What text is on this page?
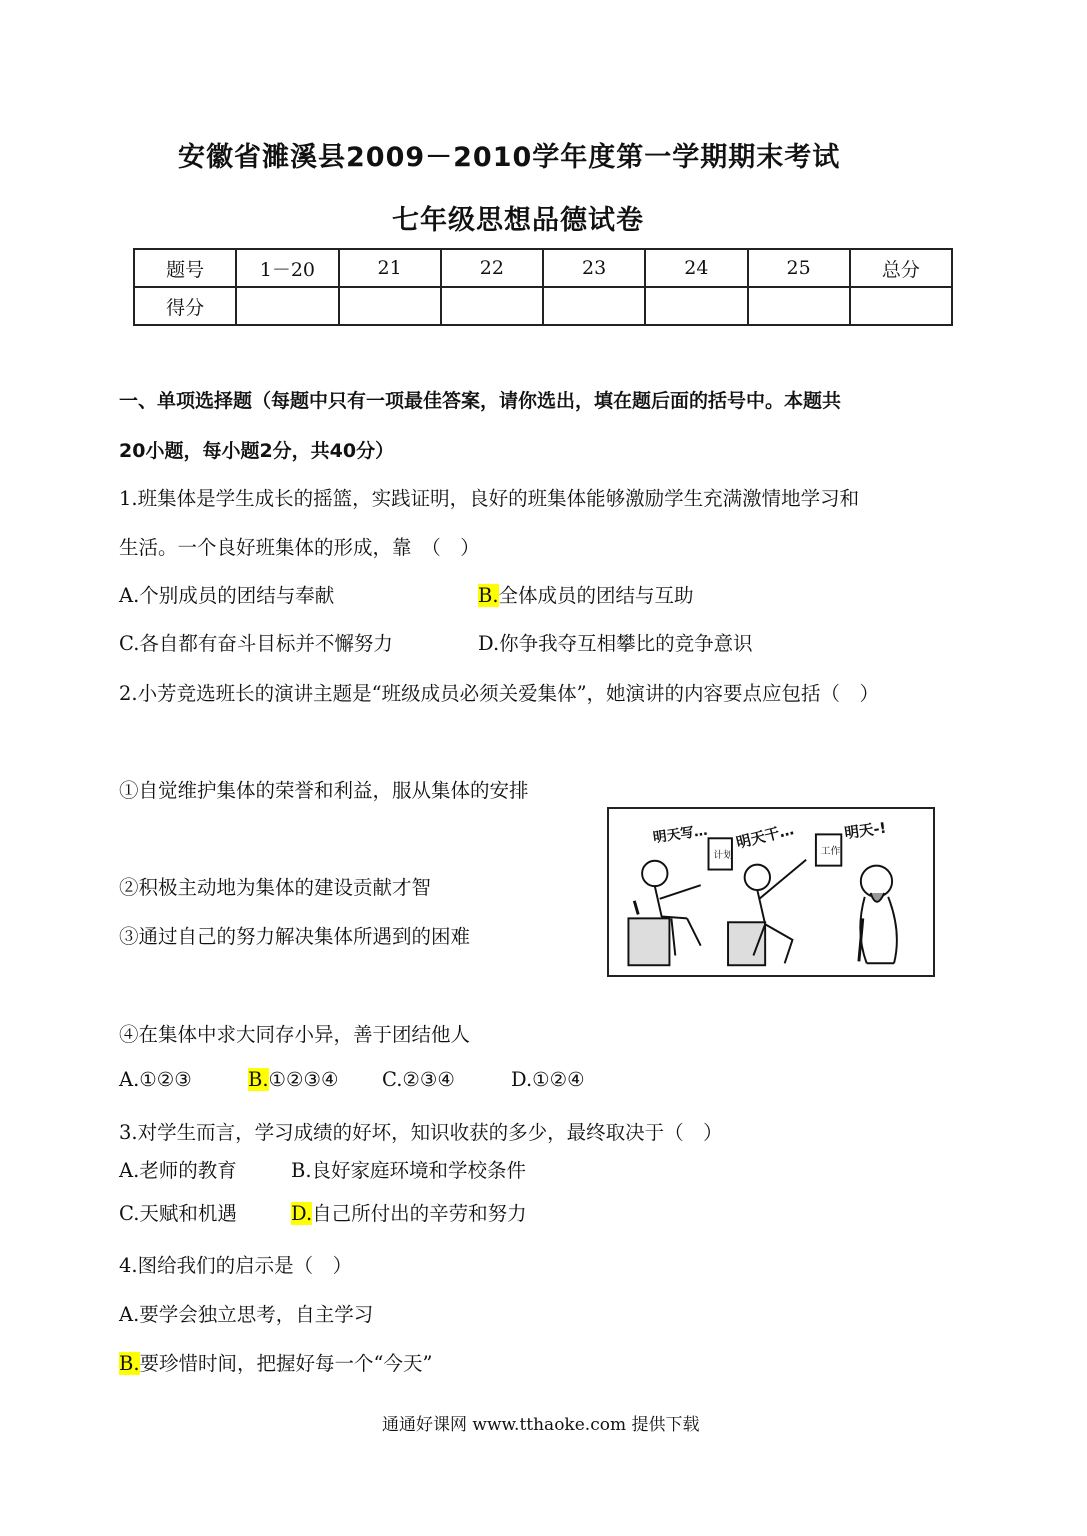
安徽省濉溪县2009－2010学年度第一学期期末考试
七年级思想品德试卷
题号	1－20	21	22	23	24	25	总分
得分							
一、单项选择题（每题中只有一项最佳答案，请你选出，填在题后面的括号中。本题共
20小题，每小题2分，共40分）
1.班集体是学生成长的摇篮，实践证明，良好的班集体能够激励学生充满激情地学习和
生活。一个良好班集体的形成，靠　（　）
A.个别成员的团结与奉献	B.全体成员的团结与互助
C.各自都有奋斗目标并不懈努力	D.你争我夺互相攀比的竞争意识
2.小芳竞选班长的演讲主题是“班级成员必须关爱集体”，她演讲的内容要点应包括（　）
①自觉维护集体的荣誉和利益，服从集体的安排
②积极主动地为集体的建设贡献才智
③通过自己的努力解决集体所遇到的困难
④在集体中求大同存小异，善于团结他人
A.①②③	B.①②③④ C.②③④	D.①②④
明天写… 明天干…	明天-!
计划	工作
3.对学生而言，学习成绩的好坏，知识收获的多少，最终取决于（　）
A.老师的教育	B.良好家庭环境和学校条件
C.天赋和机遇	D.自己所付出的辛劳和努力
4.图给我们的启示是（　）
A.要学会独立思考，自主学习
B.要珍惜时间，把握好每一个“今天”
通通好课网 www.tthaoke.com 提供下载
